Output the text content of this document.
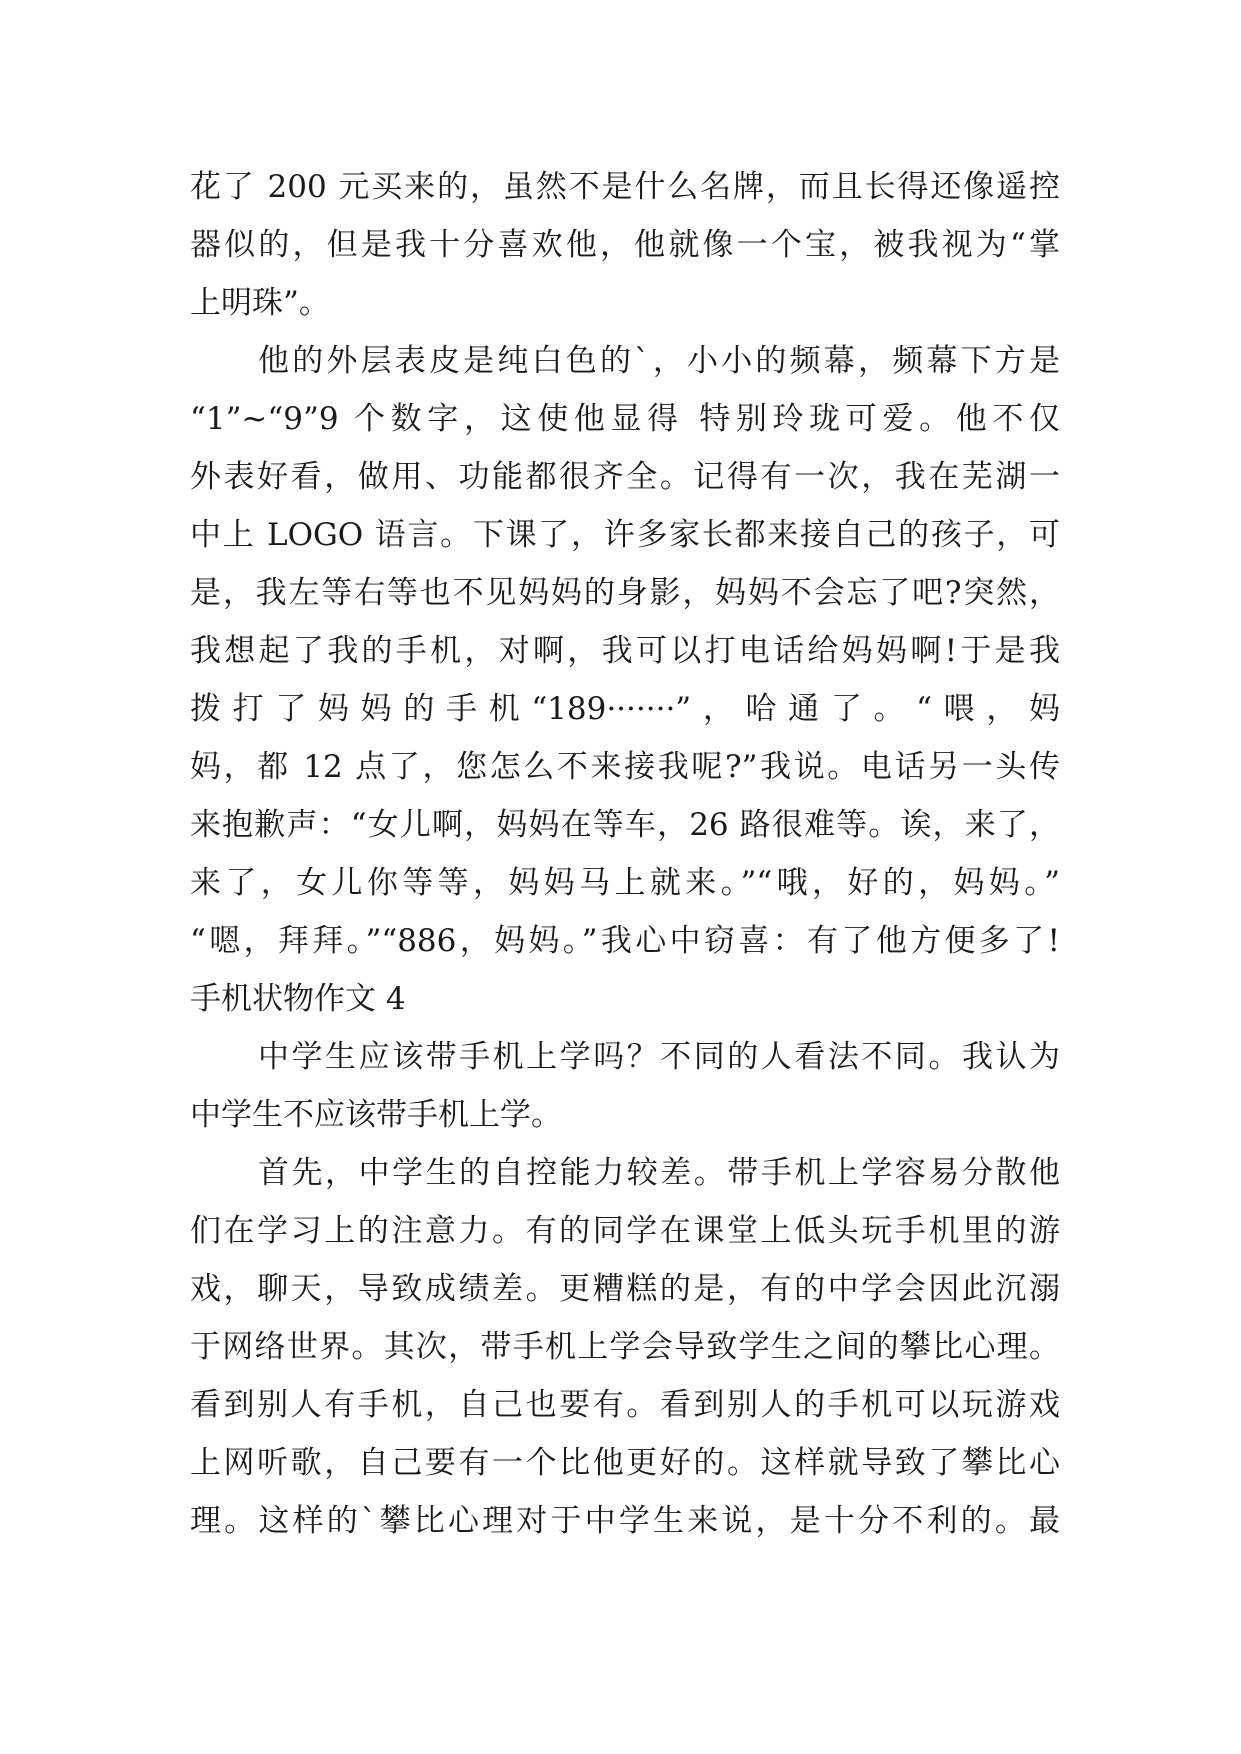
花了 200 元买来的，虽然不是什么名牌，而且长得还像遥控
器似的，但是我十分喜欢他，他就像一个宝，被我视为“掌
上明珠”。
他的外层表皮是纯白色的`，小小的频幕，频幕下方是
“1”~“9”9 个数字，这使他显得 特别玲珑可爱。他不仅
外表好看，做用、功能都很齐全。记得有一次，我在芜湖一
中上 LOGO 语言。下课了，许多家长都来接自己的孩子，可
是，我左等右等也不见妈妈的身影，妈妈不会忘了吧?突然，
我想起了我的手机，对啊，我可以打电话给妈妈啊!于是我
拨打了妈妈的手机“189·······”，哈通了。“喂，妈
妈，都 12 点了，您怎么不来接我呢?”我说。电话另一头传
来抱歉声：“女儿啊，妈妈在等车，26 路很难等。诶，来了，
来了，女儿你等等，妈妈马上就来。”“哦，好的，妈妈。”
“嗯，拜拜。”“886，妈妈。”我心中窃喜：有了他方便多了!
手机状物作文 4
中学生应该带手机上学吗？不同的人看法不同。我认为
中学生不应该带手机上学。
首先，中学生的自控能力较差。带手机上学容易分散他
们在学习上的注意力。有的同学在课堂上低头玩手机里的游
戏，聊天，导致成绩差。更糟糕的是，有的中学会因此沉溺
于网络世界。其次，带手机上学会导致学生之间的攀比心理。
看到别人有手机，自己也要有。看到别人的手机可以玩游戏
上网听歌，自己要有一个比他更好的。这样就导致了攀比心
理。这样的`攀比心理对于中学生来说，是十分不利的。最
